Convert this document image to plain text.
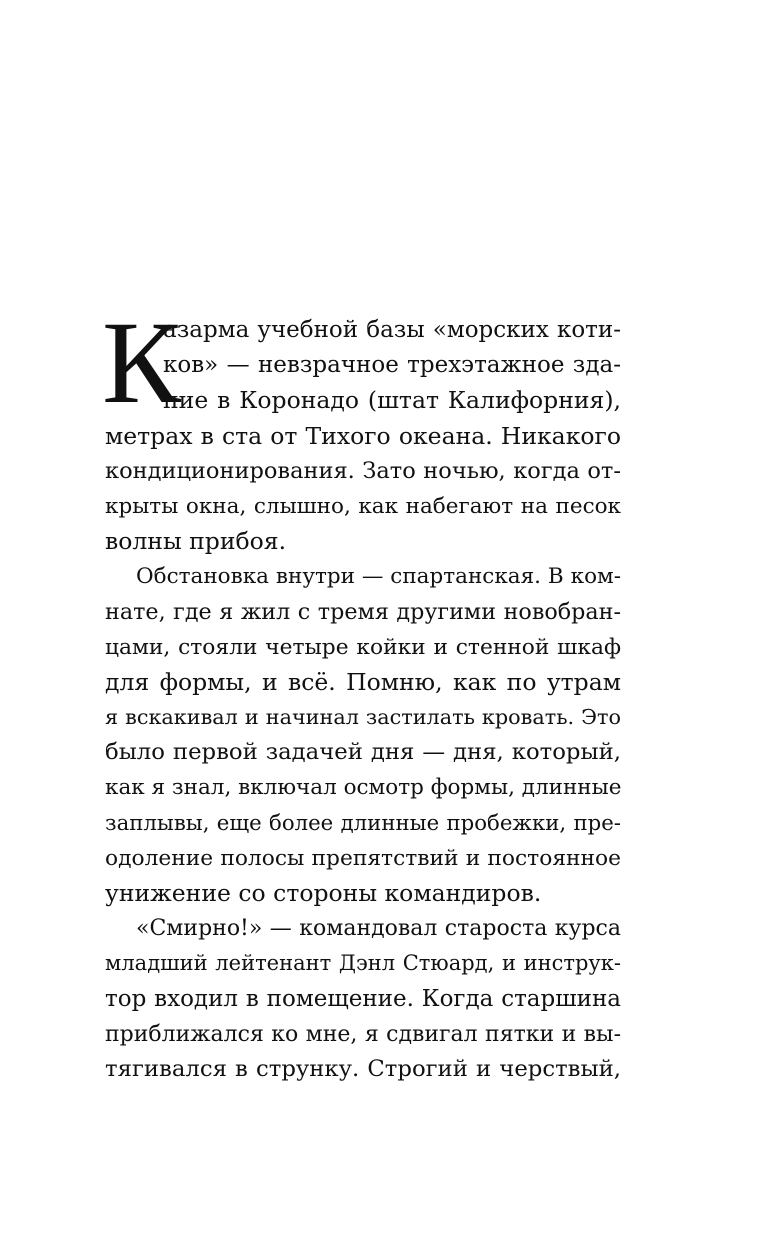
К
азарма учебной базы «морских коти-
ков» — невзрачное трехэтажное зда-
ние в Коронадо (штат Калифорния),
метрах в ста от Тихого океана. Никакого
кондиционирования. Зато ночью, когда от-
крыты окна, слышно, как набегают на песок
волны прибоя.
Обстановка внутри — спартанская. В ком-
нате, где я жил с тремя другими новобран-
цами, стояли четыре койки и стенной шкаф
для формы, и всё. Помню, как по утрам
я вскакивал и начинал застилать кровать. Это
было первой задачей дня — дня, который,
как я знал, включал осмотр формы, длинные
заплывы, еще более длинные пробежки, пре-
одоление полосы препятствий и постоянное
унижение со стороны командиров.
«Смирно!» — командовал староста курса
младший лейтенант Дэнл Стюард, и инструк-
тор входил в помещение. Когда старшина
приближался ко мне, я сдвигал пятки и вы-
тягивался в струнку. Строгий и черствый,
